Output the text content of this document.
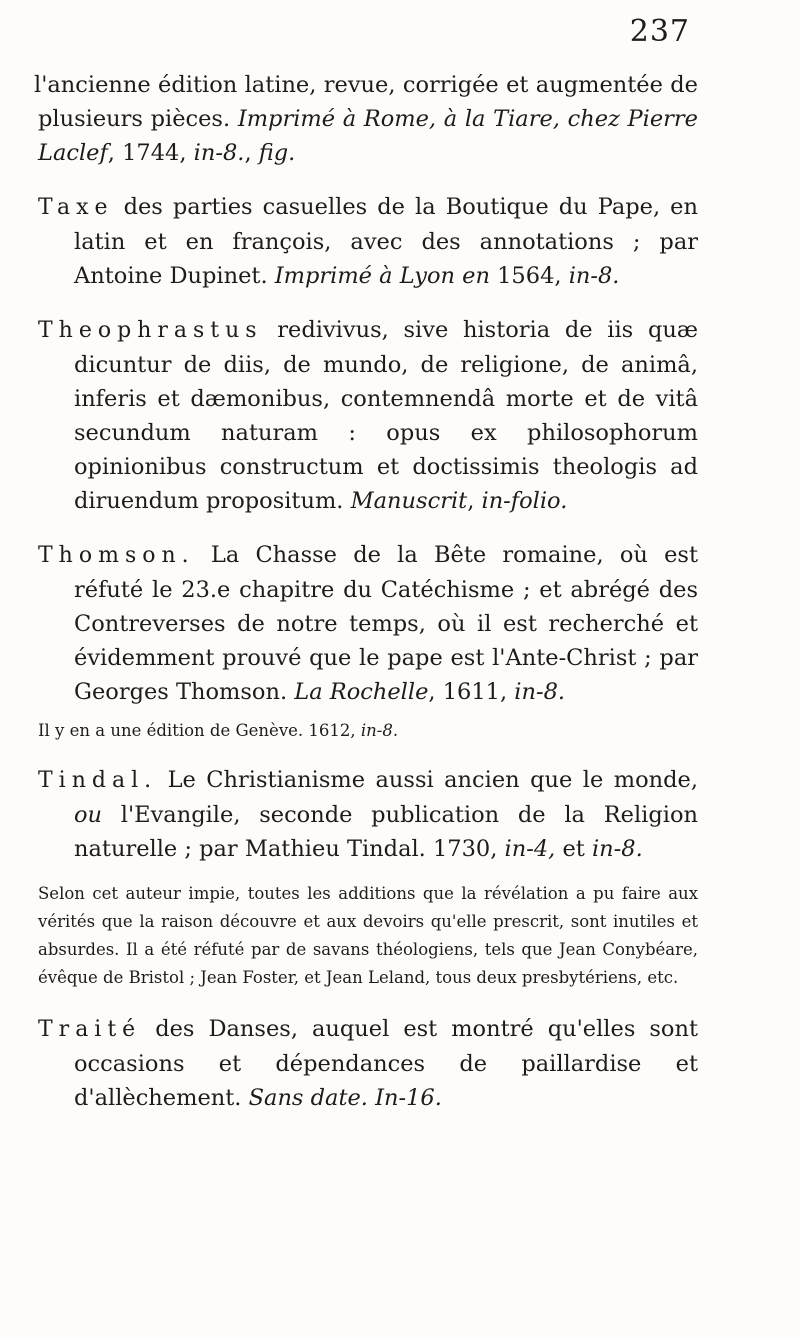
237

l'ancienne édition latine, revue, corrigée et augmentée de plusieurs pièces. Imprimé à Rome, à la Tiare, chez Pierre Laclef, 1744, in-8., fig.

Taxe des parties casuelles de la Boutique du Pape, en latin et en françois, avec des annotations ; par Antoine Dupinet. Imprimé à Lyon en 1564, in-8.

Theophrastus redivivus, sive historia de iis quæ dicuntur de diis, de mundo, de religione, de animâ, inferis et dæmonibus, contemnendâ morte et de vitâ secundum naturam : opus ex philosophorum opinionibus constructum et doctissimis theologis ad diruendum propositum. Manuscrit, in-folio.

Thomson. La Chasse de la Bête romaine, où est réfuté le 23.e chapitre du Catéchisme ; et abrégé des Contreverses de notre temps, où il est recherché et évidemment prouvé que le pape est l'Ante-Christ ; par Georges Thomson. La Rochelle, 1611, in-8.

Il y en a une édition de Genève. 1612, in-8.

Tindal. Le Christianisme aussi ancien que le monde, ou l'Evangile, seconde publication de la Religion naturelle ; par Mathieu Tindal. 1730, in-4, et in-8.

Selon cet auteur impie, toutes les additions que la révélation a pu faire aux vérités que la raison découvre et aux devoirs qu'elle prescrit, sont inutiles et absurdes. Il a été réfuté par de savans théologiens, tels que Jean Conybéare, évêque de Bristol ; Jean Foster, et Jean Leland, tous deux presbytériens, etc.

Traité des Danses, auquel est montré qu'elles sont occasions et dépendances de paillardise et d'allèchement. Sans date. In-16.
